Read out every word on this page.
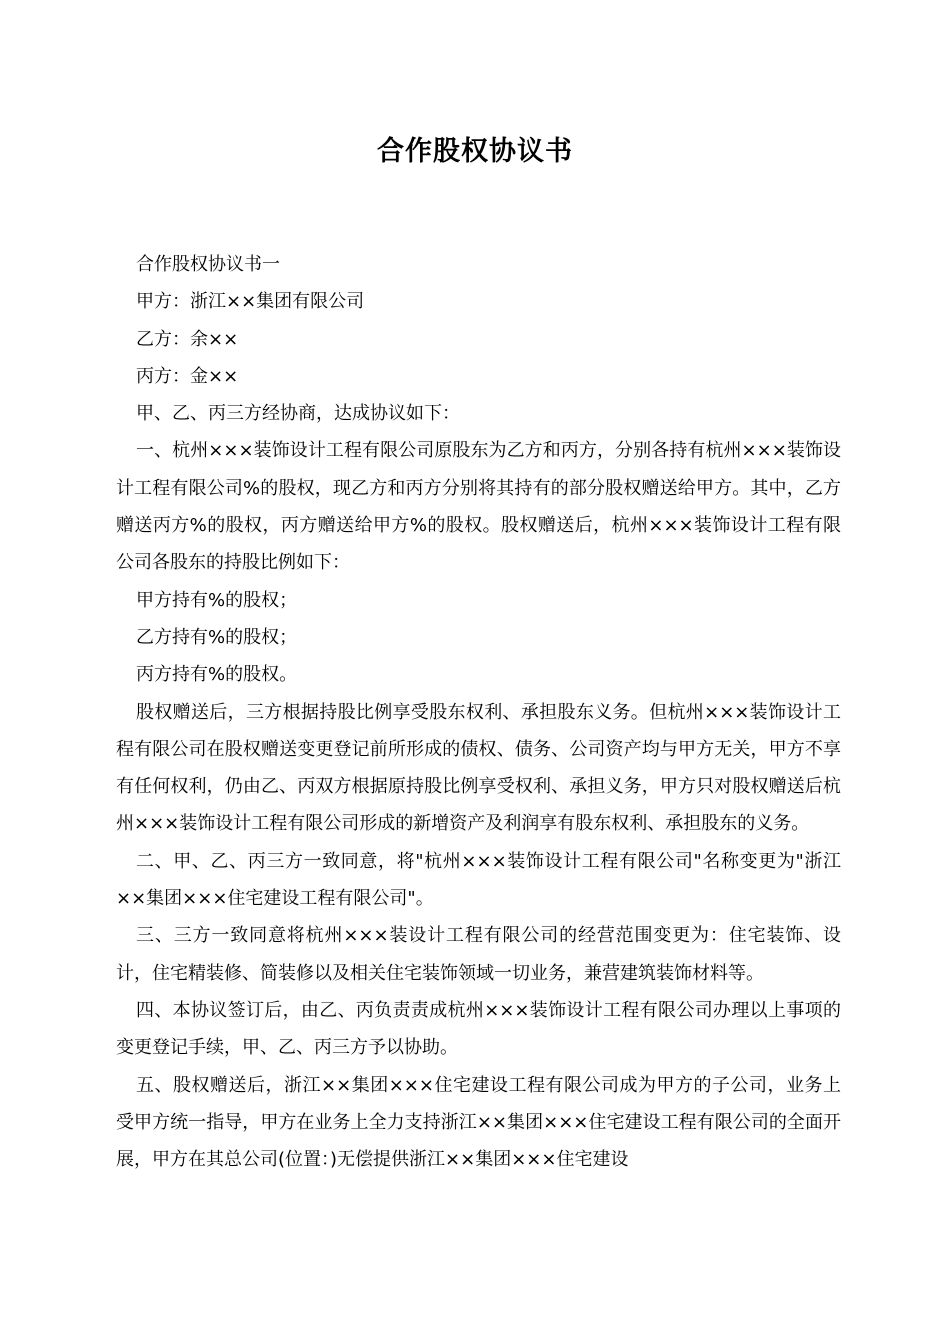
合作股权协议书

合作股权协议书一

甲方：浙江××集团有限公司

乙方：余××

丙方：金××

甲、乙、丙三方经协商，达成协议如下：

一、杭州×××装饰设计工程有限公司原股东为乙方和丙方，分别各持有杭州×××装饰设计工程有限公司%的股权，现乙方和丙方分别将其持有的部分股权赠送给甲方。其中，乙方赠送丙方%的股权，丙方赠送给甲方%的股权。股权赠送后，杭州×××装饰设计工程有限公司各股东的持股比例如下：

甲方持有%的股权；

乙方持有%的股权；

丙方持有%的股权。

股权赠送后，三方根据持股比例享受股东权利、承担股东义务。但杭州×××装饰设计工程有限公司在股权赠送变更登记前所形成的债权、债务、公司资产均与甲方无关，甲方不享有任何权利，仍由乙、丙双方根据原持股比例享受权利、承担义务，甲方只对股权赠送后杭州×××装饰设计工程有限公司形成的新增资产及利润享有股东权利、承担股东的义务。

二、甲、乙、丙三方一致同意，将"杭州×××装饰设计工程有限公司"名称变更为"浙江××集团×××住宅建设工程有限公司"。

三、三方一致同意将杭州×××装设计工程有限公司的经营范围变更为：住宅装饰、设计，住宅精装修、简装修以及相关住宅装饰领域一切业务，兼营建筑装饰材料等。

四、本协议签订后，由乙、丙负责责成杭州×××装饰设计工程有限公司办理以上事项的变更登记手续，甲、乙、丙三方予以协助。

五、股权赠送后，浙江××集团×××住宅建设工程有限公司成为甲方的子公司，业务上受甲方统一指导，甲方在业务上全力支持浙江××集团×××住宅建设工程有限公司的全面开展，甲方在其总公司(位置：)无偿提供浙江××集团×××住宅建设
